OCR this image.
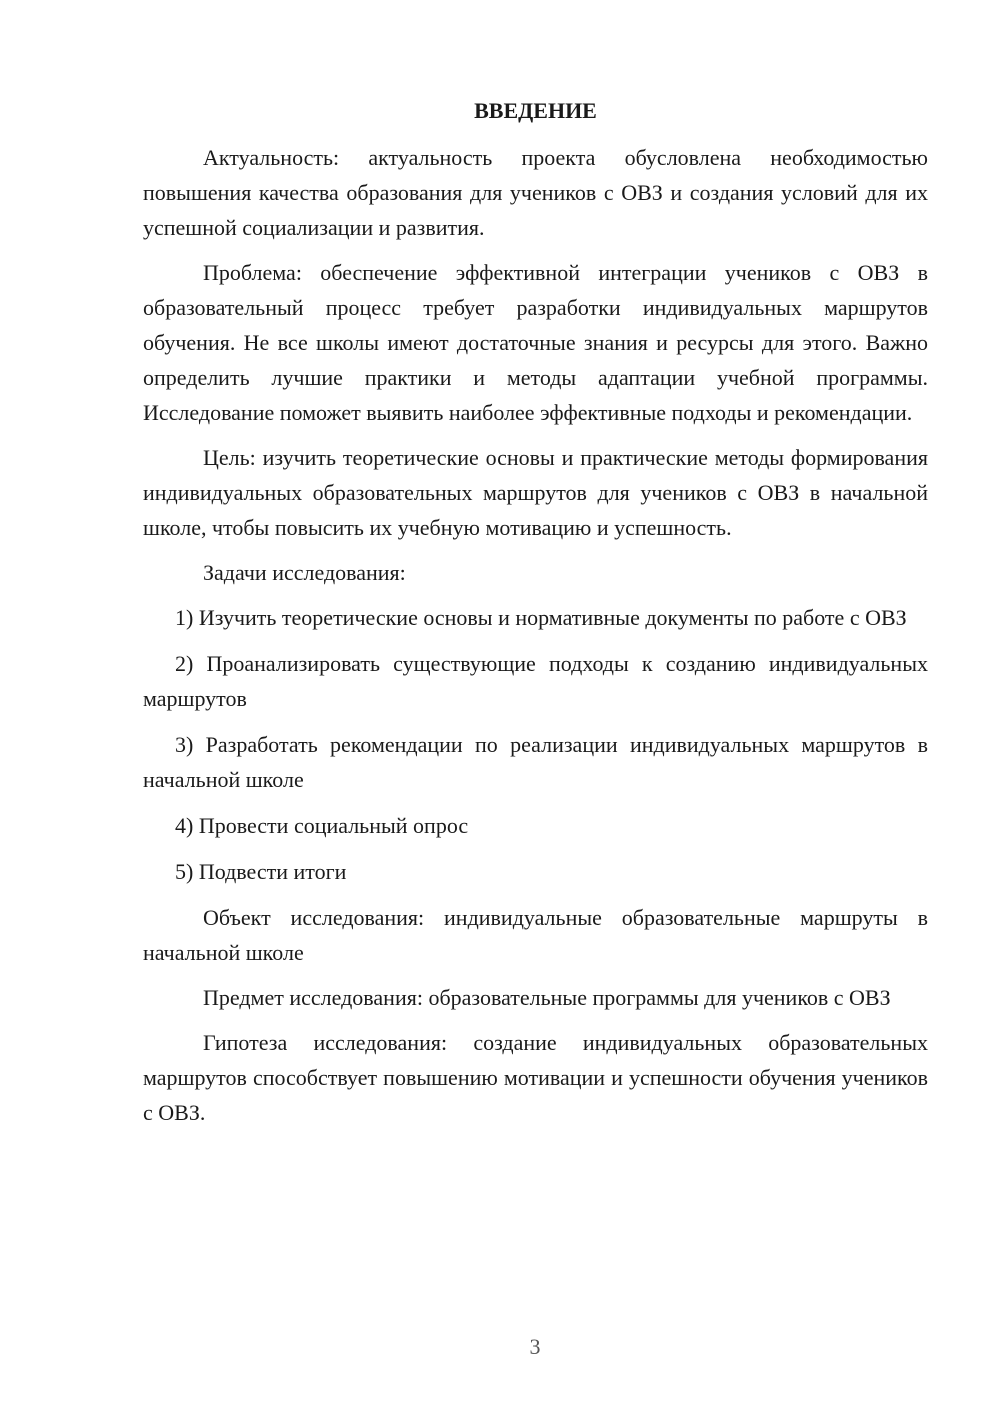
ВВЕДЕНИЕ

Актуальность: актуальность проекта обусловлена необходимостью повышения качества образования для учеников с ОВЗ и создания условий для их успешной социализации и развития.

Проблема: обеспечение эффективной интеграции учеников с ОВЗ в образовательный процесс требует разработки индивидуальных маршрутов обучения. Не все школы имеют достаточные знания и ресурсы для этого. Важно определить лучшие практики и методы адаптации учебной программы. Исследование поможет выявить наиболее эффективные подходы и рекомендации.

Цель: изучить теоретические основы и практические методы формирования индивидуальных образовательных маршрутов для учеников с ОВЗ в начальной школе, чтобы повысить их учебную мотивацию и успешность.

Задачи исследования:

1) Изучить теоретические основы и нормативные документы по работе с ОВЗ

2) Проанализировать существующие подходы к созданию индивидуальных маршрутов

3) Разработать рекомендации по реализации индивидуальных маршрутов в начальной школе

4) Провести социальный опрос

5) Подвести итоги

Объект исследования: индивидуальные образовательные маршруты в начальной школе

Предмет исследования: образовательные программы для учеников с ОВЗ

Гипотеза исследования: создание индивидуальных образовательных маршрутов способствует повышению мотивации и успешности обучения учеников с ОВЗ.

3
